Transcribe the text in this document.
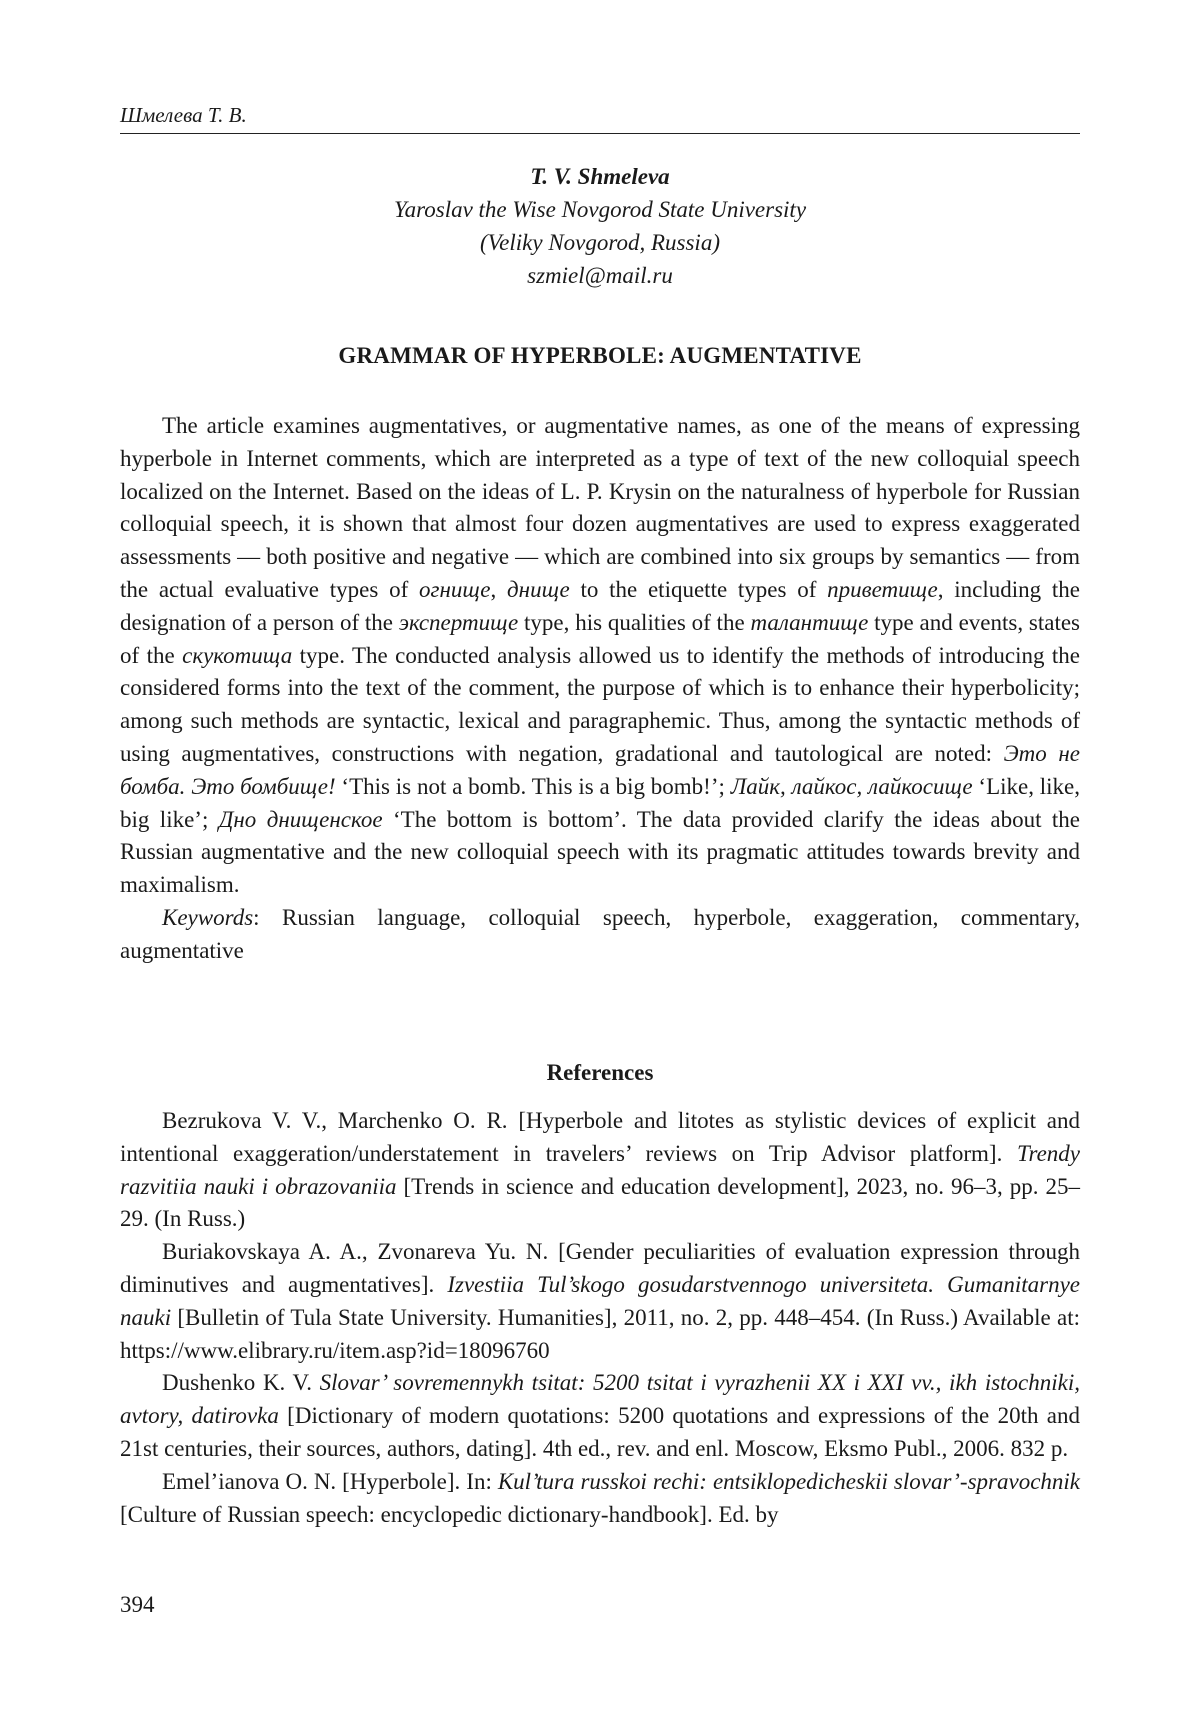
Шмелева Т. В.
T. V. Shmeleva
Yaroslav the Wise Novgorod State University
(Veliky Novgorod, Russia)
szmiel@mail.ru
GRAMMAR OF HYPERBOLE: AUGMENTATIVE

The article examines augmentatives, or augmentative names, as one of the means of expressing hyperbole in Internet comments, which are interpreted as a type of text of the new colloquial speech localized on the Internet. Based on the ideas of L. P. Krysin on the naturalness of hyperbole for Russian colloquial speech, it is shown that almost four dozen augmentatives are used to express exaggerated assessments — both positive and negative — which are combined into six groups by semantics — from the actual evaluative types of огнище, днище to the etiquette types of приветище, including the designation of a person of the экспертище type, his qualities of the талантище type and events, states of the скукотища type. The conducted analysis allowed us to identify the methods of introducing the considered forms into the text of the comment, the purpose of which is to enhance their hyperbolicity; among such methods are syntactic, lexical and paragraphemic. Thus, among the syntactic methods of using augmentatives, constructions with negation, gradational and tautological are noted: Это не бомба. Это бомбище! ‘This is not a bomb. This is a big bomb!’; Лайк, лайкос, лайкосище ‘Like, like, big like’; Дно днищенское ‘The bottom is bottom’. The data provided clarify the ideas about the Russian augmentative and the new colloquial speech with its pragmatic attitudes towards brevity and maximalism.

Keywords: Russian language, colloquial speech, hyperbole, exaggeration, commentary, augmentative

References

Bezrukova V. V., Marchenko O. R. [Hyperbole and litotes as stylistic devices of explicit and intentional exaggeration/understatement in travelers’ reviews on Trip Advisor platform]. Trendy razvitiia nauki i obrazovaniia [Trends in science and education development], 2023, no. 96–3, pp. 25–29. (In Russ.)

Buriakovskaya A. A., Zvonareva Yu. N. [Gender peculiarities of evaluation expression through diminutives and augmentatives]. Izvestiia Tul’skogo gosudarstvennogo universiteta. Gumanitarnye nauki [Bulletin of Tula State University. Humanities], 2011, no. 2, pp. 448–454. (In Russ.) Available at: https://www.elibrary.ru/item.asp?id=18096760

Dushenko K. V. Slovar’ sovremennykh tsitat: 5200 tsitat i vyrazhenii XX i XXI vv., ikh istochniki, avtory, datirovka [Dictionary of modern quotations: 5200 quotations and expressions of the 20th and 21st centuries, their sources, authors, dating]. 4th ed., rev. and enl. Moscow, Eksmo Publ., 2006. 832 p.

Emel’ianova O. N. [Hyperbole]. In: Kul’tura russkoi rechi: entsiklopedicheskii slovar’-spravochnik [Culture of Russian speech: encyclopedic dictionary-handbook]. Ed. by

394
